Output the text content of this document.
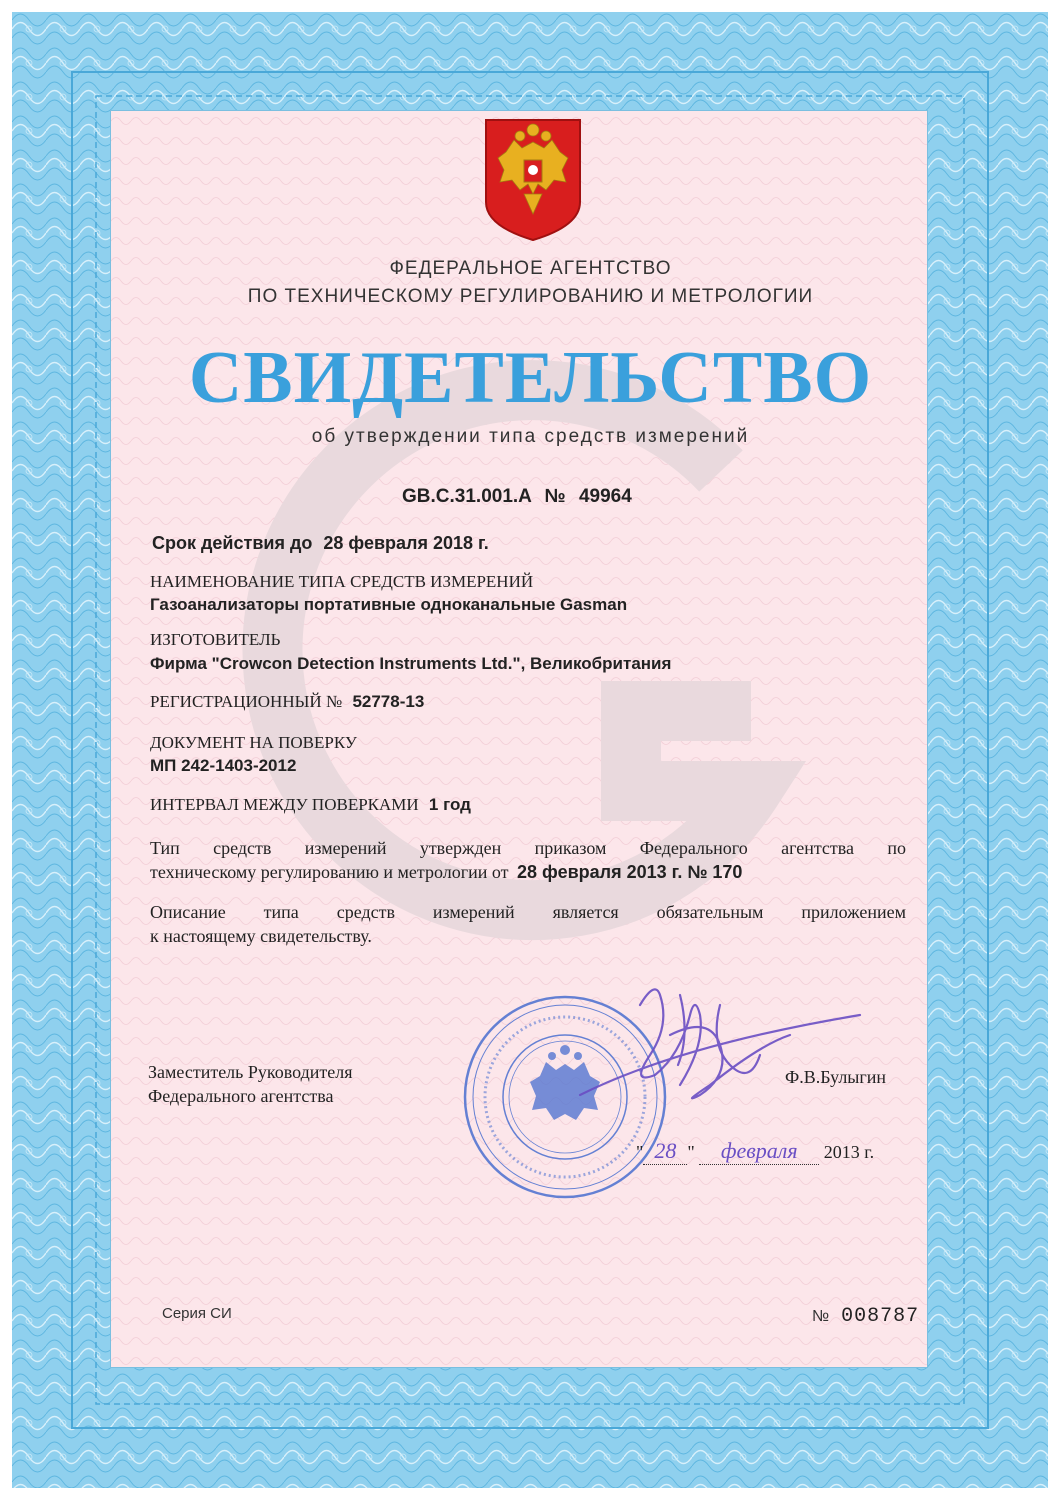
ФЕДЕРАЛЬНОЕ АГЕНТСТВО
ПО ТЕХНИЧЕСКОМУ РЕГУЛИРОВАНИЮ И МЕТРОЛОГИИ
СВИДЕТЕЛЬСТВО
об утверждении типа средств измерений
GB.C.31.001.A № 49964
Срок действия до 28 февраля 2018 г.
НАИМЕНОВАНИЕ ТИПА СРЕДСТВ ИЗМЕРЕНИЙ
Газоанализаторы портативные одноканальные Gasman
ИЗГОТОВИТЕЛЬ
Фирма "Crowcon Detection Instruments Ltd.", Великобритания
РЕГИСТРАЦИОННЫЙ № 52778-13
ДОКУМЕНТ НА ПОВЕРКУ
МП 242-1403-2012
ИНТЕРВАЛ МЕЖДУ ПОВЕРКАМИ 1 год
Тип средств измерений утвержден приказом Федерального агентства по
техническому регулированию и метрологии от 28 февраля 2013 г. № 170
Описание типа средств измерений является обязательным приложением
к настоящему свидетельству.
Заместитель Руководителя
Федерального агентства
Ф.В.Булыгин
" 28 " февраля 2013 г.
Серия СИ	№ 008787
